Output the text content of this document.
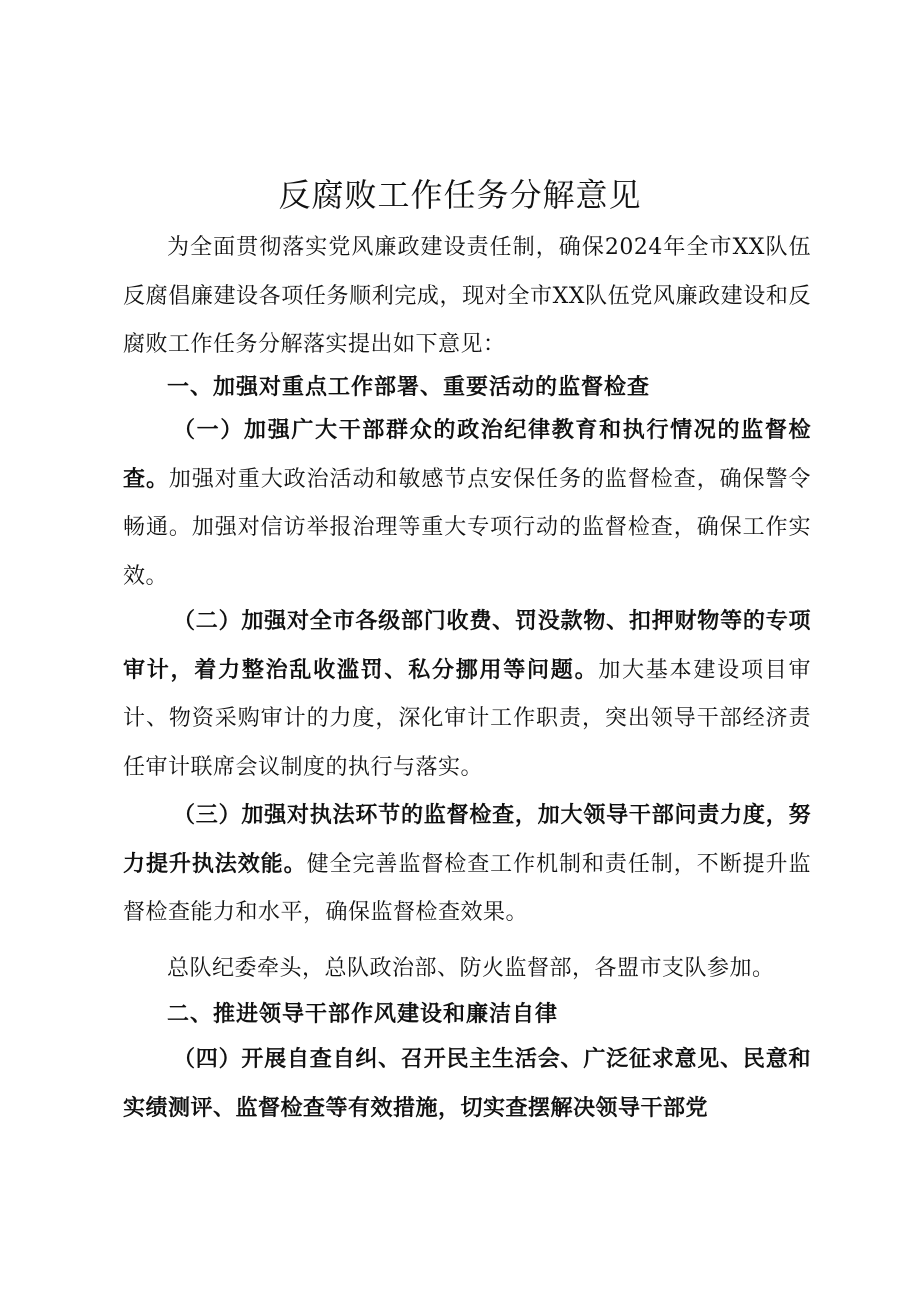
反腐败工作任务分解意见

为全面贯彻落实党风廉政建设责任制，确保2024年全市XX队伍反腐倡廉建设各项任务顺利完成，现对全市XX队伍党风廉政建设和反腐败工作任务分解落实提出如下意见：

一、加强对重点工作部署、重要活动的监督检查

（一）加强广大干部群众的政治纪律教育和执行情况的监督检查。加强对重大政治活动和敏感节点安保任务的监督检查，确保警令畅通。加强对信访举报治理等重大专项行动的监督检查，确保工作实效。

（二）加强对全市各级部门收费、罚没款物、扣押财物等的专项审计，着力整治乱收滥罚、私分挪用等问题。加大基本建设项目审计、物资采购审计的力度，深化审计工作职责，突出领导干部经济责任审计联席会议制度的执行与落实。

（三）加强对执法环节的监督检查，加大领导干部问责力度，努力提升执法效能。健全完善监督检查工作机制和责任制，不断提升监督检查能力和水平，确保监督检查效果。

总队纪委牵头，总队政治部、防火监督部，各盟市支队参加。

二、推进领导干部作风建设和廉洁自律

（四）开展自查自纠、召开民主生活会、广泛征求意见、民意和实绩测评、监督检查等有效措施，切实查摆解决领导干部党
